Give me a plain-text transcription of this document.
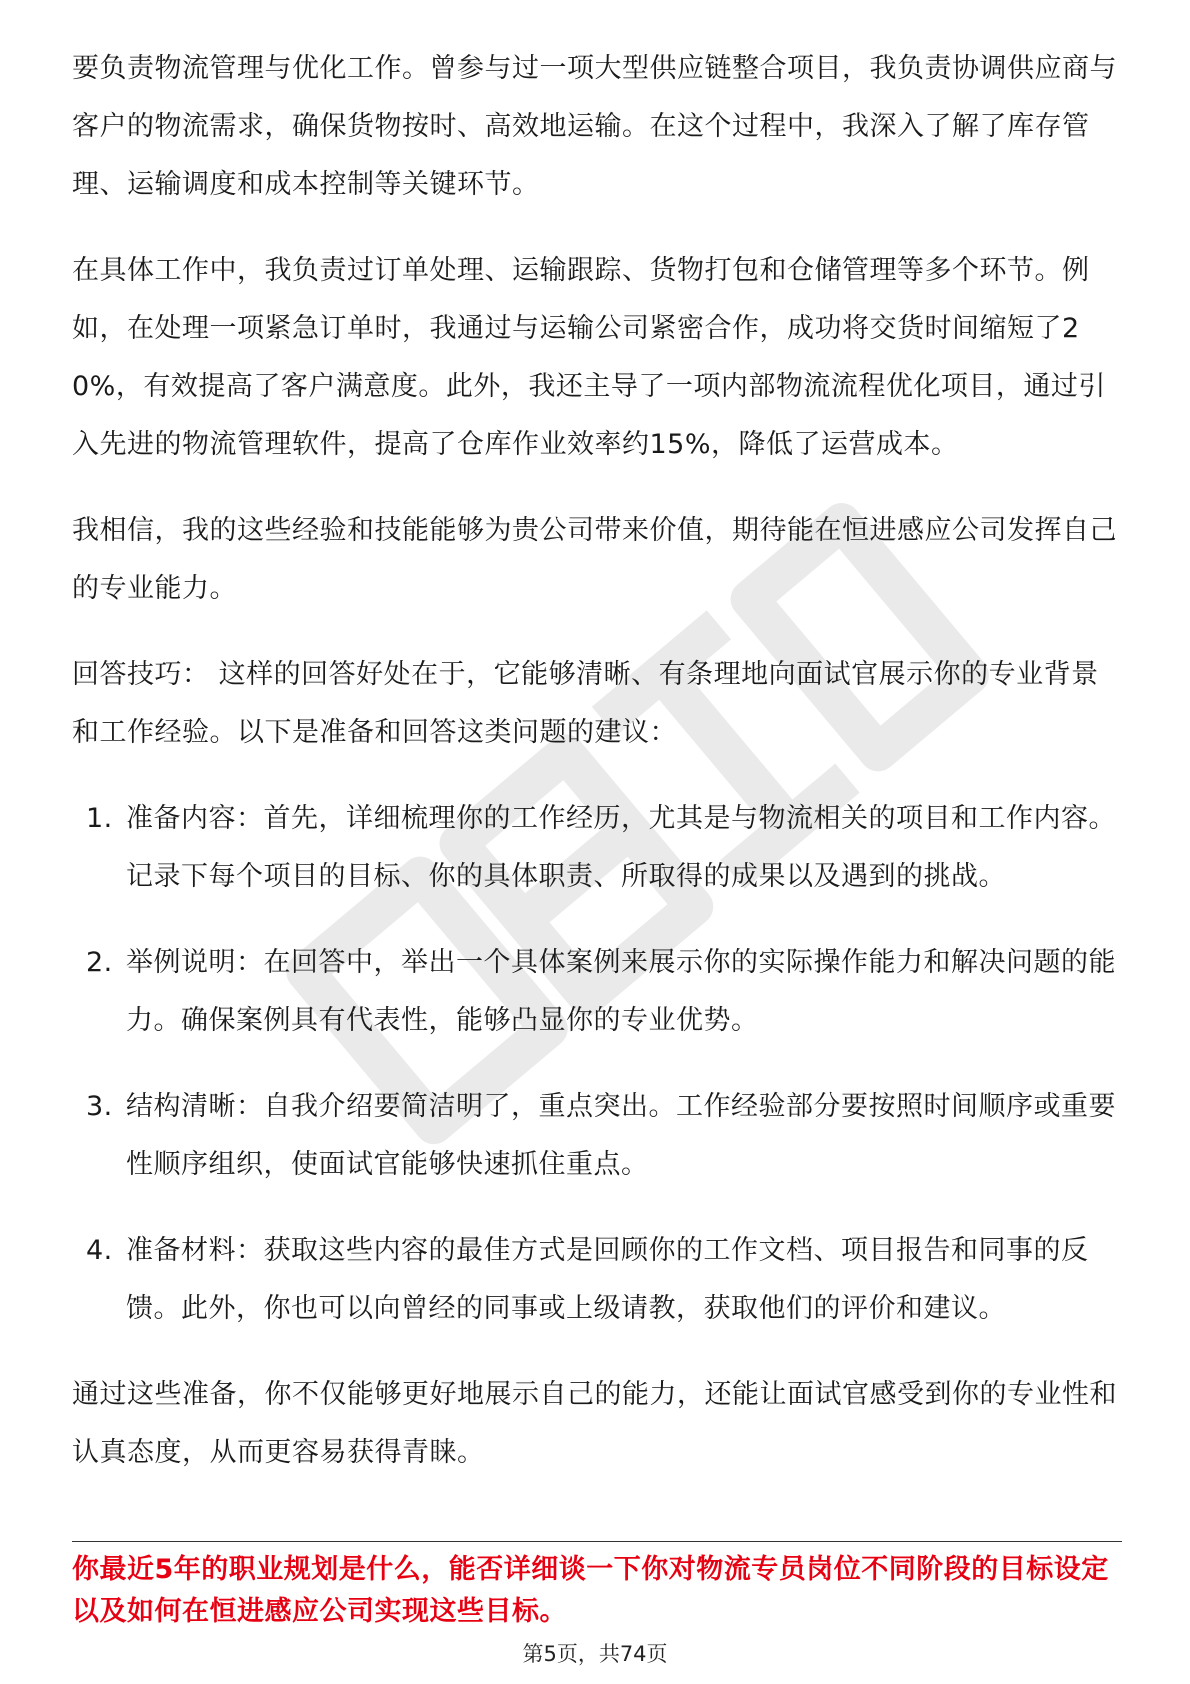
要负责物流管理与优化工作。曾参与过一项大型供应链整合项目，我负责协调供应商与客户的物流需求，确保货物按时、高效地运输。在这个过程中，我深入了解了库存管理、运输调度和成本控制等关键环节。

在具体工作中，我负责过订单处理、运输跟踪、货物打包和仓储管理等多个环节。例如，在处理一项紧急订单时，我通过与运输公司紧密合作，成功将交货时间缩短了20%，有效提高了客户满意度。此外，我还主导了一项内部物流流程优化项目，通过引入先进的物流管理软件，提高了仓库作业效率约15%，降低了运营成本。

我相信，我的这些经验和技能能够为贵公司带来价值，期待能在恒进感应公司发挥自己的专业能力。

回答技巧： 这样的回答好处在于，它能够清晰、有条理地向面试官展示你的专业背景和工作经验。以下是准备和回答这类问题的建议：

1. 准备内容：首先，详细梳理你的工作经历，尤其是与物流相关的项目和工作内容。记录下每个项目的目标、你的具体职责、所取得的成果以及遇到的挑战。
2. 举例说明：在回答中，举出一个具体案例来展示你的实际操作能力和解决问题的能力。确保案例具有代表性，能够凸显你的专业优势。
3. 结构清晰：自我介绍要简洁明了，重点突出。工作经验部分要按照时间顺序或重要性顺序组织，使面试官能够快速抓住重点。
4. 准备材料：获取这些内容的最佳方式是回顾你的工作文档、项目报告和同事的反馈。此外，你也可以向曾经的同事或上级请教，获取他们的评价和建议。

通过这些准备，你不仅能够更好地展示自己的能力，还能让面试官感受到你的专业性和认真态度，从而更容易获得青睐。

你最近5年的职业规划是什么，能否详细谈一下你对物流专员岗位不同阶段的目标设定以及如何在恒进感应公司实现这些目标。
第5页，共74页
